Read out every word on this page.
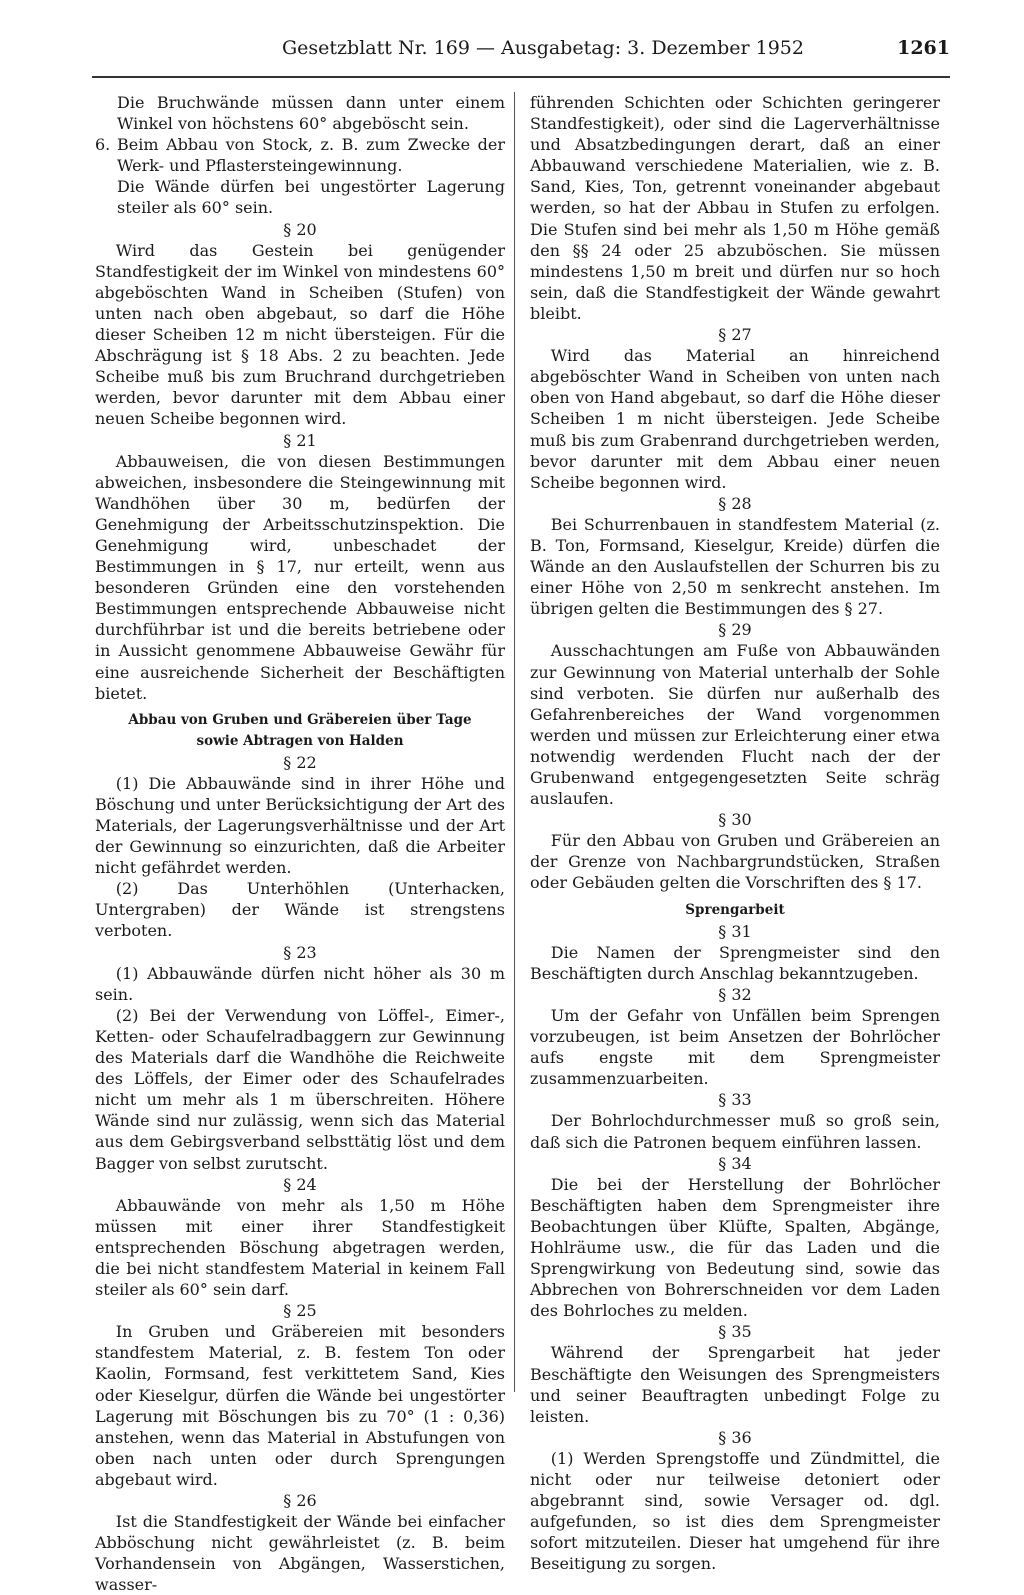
Gesetzblatt Nr. 169 — Ausgabetag: 3. Dezember 1952	1261

Die Bruchwände müssen dann unter einem Winkel von höchstens 60° abgeböscht sein.

6. Beim Abbau von Stock, z. B. zum Zwecke der Werk- und Pflastersteingewinnung.

Die Wände dürfen bei ungestörter Lagerung steiler als 60° sein.

§ 20

Wird das Gestein bei genügender Standfestigkeit der im Winkel von mindestens 60° abgeböschten Wand in Scheiben (Stufen) von unten nach oben abgebaut, so darf die Höhe dieser Scheiben 12 m nicht übersteigen. Für die Abschrägung ist § 18 Abs. 2 zu beachten. Jede Scheibe muß bis zum Bruchrand durchgetrieben werden, bevor darunter mit dem Abbau einer neuen Scheibe begonnen wird.

§ 21

Abbauweisen, die von diesen Bestimmungen abweichen, insbesondere die Steingewinnung mit Wandhöhen über 30 m, bedürfen der Genehmigung der Arbeitsschutzinspektion. Die Genehmigung wird, unbeschadet der Bestimmungen in § 17, nur erteilt, wenn aus besonderen Gründen eine den vorstehenden Bestimmungen entsprechende Abbauweise nicht durchführbar ist und die bereits betriebene oder in Aussicht genommene Abbauweise Gewähr für eine ausreichende Sicherheit der Beschäftigten bietet.

Abbau von Gruben und Gräbereien über Tage

sowie Abtragen von Halden

§ 22

(1) Die Abbauwände sind in ihrer Höhe und Böschung und unter Berücksichtigung der Art des Materials, der Lagerungsverhältnisse und der Art der Gewinnung so einzurichten, daß die Arbeiter nicht gefährdet werden.

(2) Das Unterhöhlen (Unterhacken, Untergraben) der Wände ist strengstens verboten.

§ 23

(1) Abbauwände dürfen nicht höher als 30 m sein.

(2) Bei der Verwendung von Löffel-, Eimer-, Ketten- oder Schaufelradbaggern zur Gewinnung des Materials darf die Wandhöhe die Reichweite des Löffels, der Eimer oder des Schaufelrades nicht um mehr als 1 m überschreiten. Höhere Wände sind nur zulässig, wenn sich das Material aus dem Gebirgsverband selbsttätig löst und dem Bagger von selbst zurutscht.

§ 24

Abbauwände von mehr als 1,50 m Höhe müssen mit einer ihrer Standfestigkeit entsprechenden Böschung abgetragen werden, die bei nicht standfestem Material in keinem Fall steiler als 60° sein darf.

§ 25

In Gruben und Gräbereien mit besonders standfestem Material, z. B. festem Ton oder Kaolin, Formsand, fest verkittetem Sand, Kies oder Kieselgur, dürfen die Wände bei ungestörter Lagerung mit Böschungen bis zu 70° (1 : 0,36) anstehen, wenn das Material in Abstufungen von oben nach unten oder durch Sprengungen abgebaut wird.

§ 26

Ist die Standfestigkeit der Wände bei einfacher Abböschung nicht gewährleistet (z. B. beim Vorhandensein von Abgängen, Wasserstichen, wasser-

führenden Schichten oder Schichten geringerer Standfestigkeit), oder sind die Lagerverhältnisse und Absatzbedingungen derart, daß an einer Abbauwand verschiedene Materialien, wie z. B. Sand, Kies, Ton, getrennt voneinander abgebaut werden, so hat der Abbau in Stufen zu erfolgen. Die Stufen sind bei mehr als 1,50 m Höhe gemäß den §§ 24 oder 25 abzuböschen. Sie müssen mindestens 1,50 m breit und dürfen nur so hoch sein, daß die Standfestigkeit der Wände gewahrt bleibt.

§ 27

Wird das Material an hinreichend abgeböschter Wand in Scheiben von unten nach oben von Hand abgebaut, so darf die Höhe dieser Scheiben 1 m nicht übersteigen. Jede Scheibe muß bis zum Grabenrand durchgetrieben werden, bevor darunter mit dem Abbau einer neuen Scheibe begonnen wird.

§ 28

Bei Schurrenbauen in standfestem Material (z. B. Ton, Formsand, Kieselgur, Kreide) dürfen die Wände an den Auslaufstellen der Schurren bis zu einer Höhe von 2,50 m senkrecht anstehen. Im übrigen gelten die Bestimmungen des § 27.

§ 29

Ausschachtungen am Fuße von Abbauwänden zur Gewinnung von Material unterhalb der Sohle sind verboten. Sie dürfen nur außerhalb des Gefahrenbereiches der Wand vorgenommen werden und müssen zur Erleichterung einer etwa notwendig werdenden Flucht nach der der Grubenwand entgegengesetzten Seite schräg auslaufen.

§ 30

Für den Abbau von Gruben und Gräbereien an der Grenze von Nachbargrundstücken, Straßen oder Gebäuden gelten die Vorschriften des § 17.

Sprengarbeit

§ 31

Die Namen der Sprengmeister sind den Beschäftigten durch Anschlag bekanntzugeben.

§ 32

Um der Gefahr von Unfällen beim Sprengen vorzubeugen, ist beim Ansetzen der Bohrlöcher aufs engste mit dem Sprengmeister zusammenzuarbeiten.

§ 33

Der Bohrlochdurchmesser muß so groß sein, daß sich die Patronen bequem einführen lassen.

§ 34

Die bei der Herstellung der Bohrlöcher Beschäftigten haben dem Sprengmeister ihre Beobachtungen über Klüfte, Spalten, Abgänge, Hohlräume usw., die für das Laden und die Sprengwirkung von Bedeutung sind, sowie das Abbrechen von Bohrerschneiden vor dem Laden des Bohrloches zu melden.

§ 35

Während der Sprengarbeit hat jeder Beschäftigte den Weisungen des Sprengmeisters und seiner Beauftragten unbedingt Folge zu leisten.

§ 36

(1) Werden Sprengstoffe und Zündmittel, die nicht oder nur teilweise detoniert oder abgebrannt sind, sowie Versager od. dgl. aufgefunden, so ist dies dem Sprengmeister sofort mitzuteilen. Dieser hat umgehend für ihre Beseitigung zu sorgen.
